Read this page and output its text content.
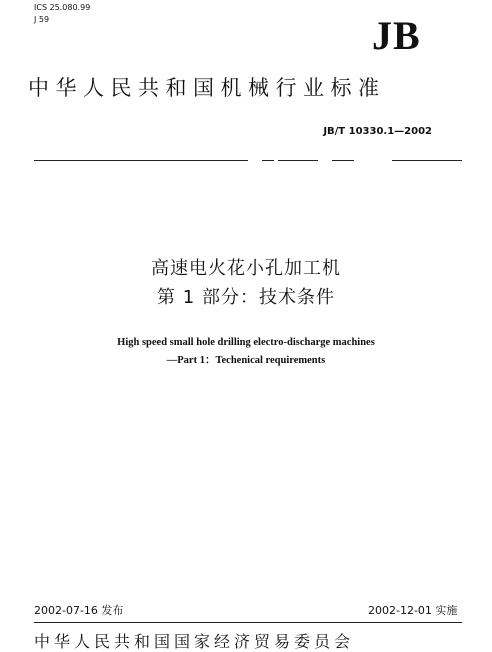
ICS 25.080.99
J 59	JB
中华人民共和国机械行业标准
JB/T 10330.1—2002
高速电火花小孔加工机
第 1 部分：技术条件
High speed small hole drilling electro-discharge machines
—Part 1：Techenical requirements
2002-07-16 发布	2002-12-01 实施
中华人民共和国国家经济贸易委员会
